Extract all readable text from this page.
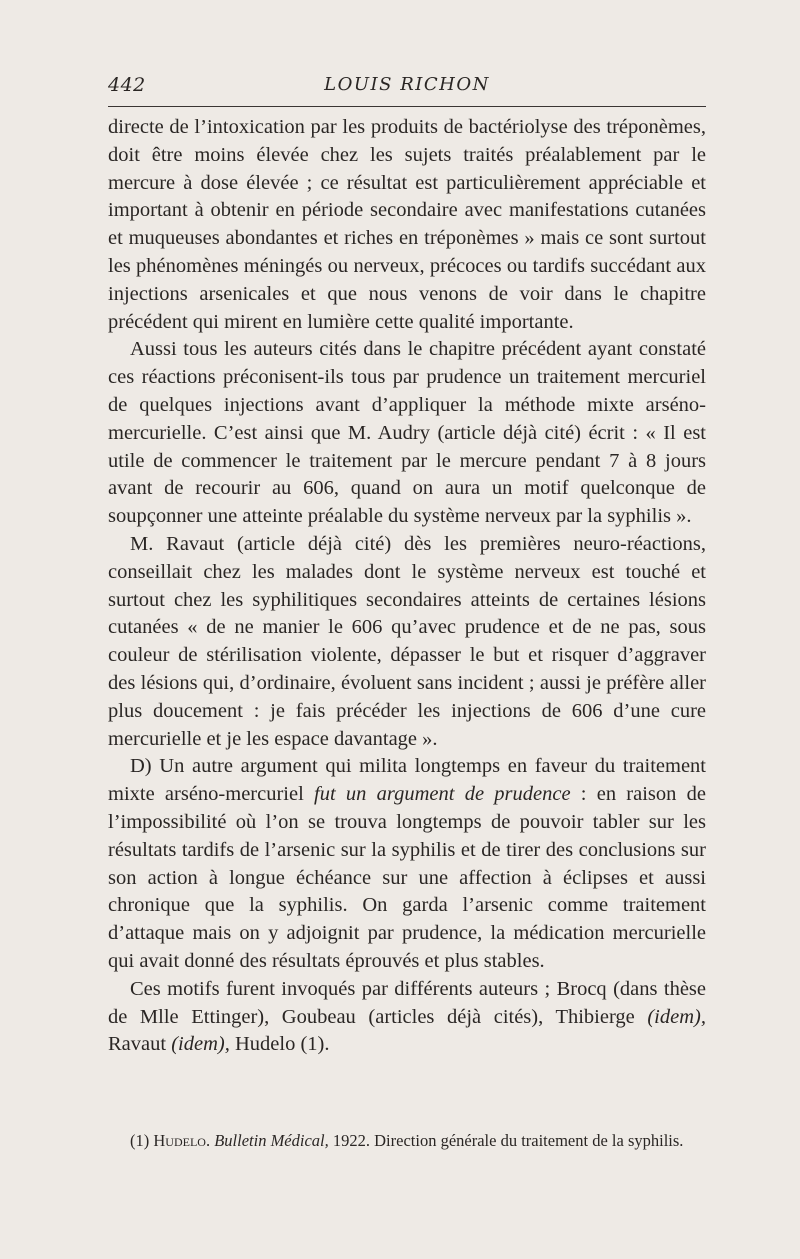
442	LOUIS RICHON

directe de l’intoxication par les produits de bactériolyse des tréponèmes, doit être moins élevée chez les sujets traités préalablement par le mercure à dose élevée ; ce résultat est particulièrement appréciable et important à obtenir en période secondaire avec manifestations cutanées et muqueuses abondantes et riches en tréponèmes » mais ce sont surtout les phénomènes méningés ou nerveux, précoces ou tardifs succédant aux injections arsenicales et que nous venons de voir dans le chapitre précédent qui mirent en lumière cette qualité importante.

Aussi tous les auteurs cités dans le chapitre précédent ayant constaté ces réactions préconisent-ils tous par prudence un traitement mercuriel de quelques injections avant d’appliquer la méthode mixte arséno-mercurielle. C’est ainsi que M. Audry (article déjà cité) écrit : « Il est utile de commencer le traitement par le mercure pendant 7 à 8 jours avant de recourir au 606, quand on aura un motif quelconque de soupçonner une atteinte préalable du système nerveux par la syphilis ».

M. Ravaut (article déjà cité) dès les premières neuro-réactions, conseillait chez les malades dont le système nerveux est touché et surtout chez les syphilitiques secondaires atteints de certaines lésions cutanées « de ne manier le 606 qu’avec prudence et de ne pas, sous couleur de stérilisation violente, dépasser le but et risquer d’aggraver des lésions qui, d’ordinaire, évoluent sans incident ; aussi je préfère aller plus doucement : je fais précéder les injections de 606 d’une cure mercurielle et je les espace davantage ».

D) Un autre argument qui milita longtemps en faveur du traitement mixte arséno-mercuriel fut un argument de prudence : en raison de l’impossibilité où l’on se trouva longtemps de pouvoir tabler sur les résultats tardifs de l’arsenic sur la syphilis et de tirer des conclusions sur son action à longue échéance sur une affection à éclipses et aussi chronique que la syphilis. On garda l’arsenic comme traitement d’attaque mais on y adjoignit par prudence, la médication mercurielle qui avait donné des résultats éprouvés et plus stables.

Ces motifs furent invoqués par différents auteurs ; Brocq (dans thèse de Mlle Ettinger), Goubeau (articles déjà cités), Thibierge (idem), Ravaut (idem), Hudelo (1).

(1) Hudelo. Bulletin Médical, 1922. Direction générale du traitement de la syphilis.
